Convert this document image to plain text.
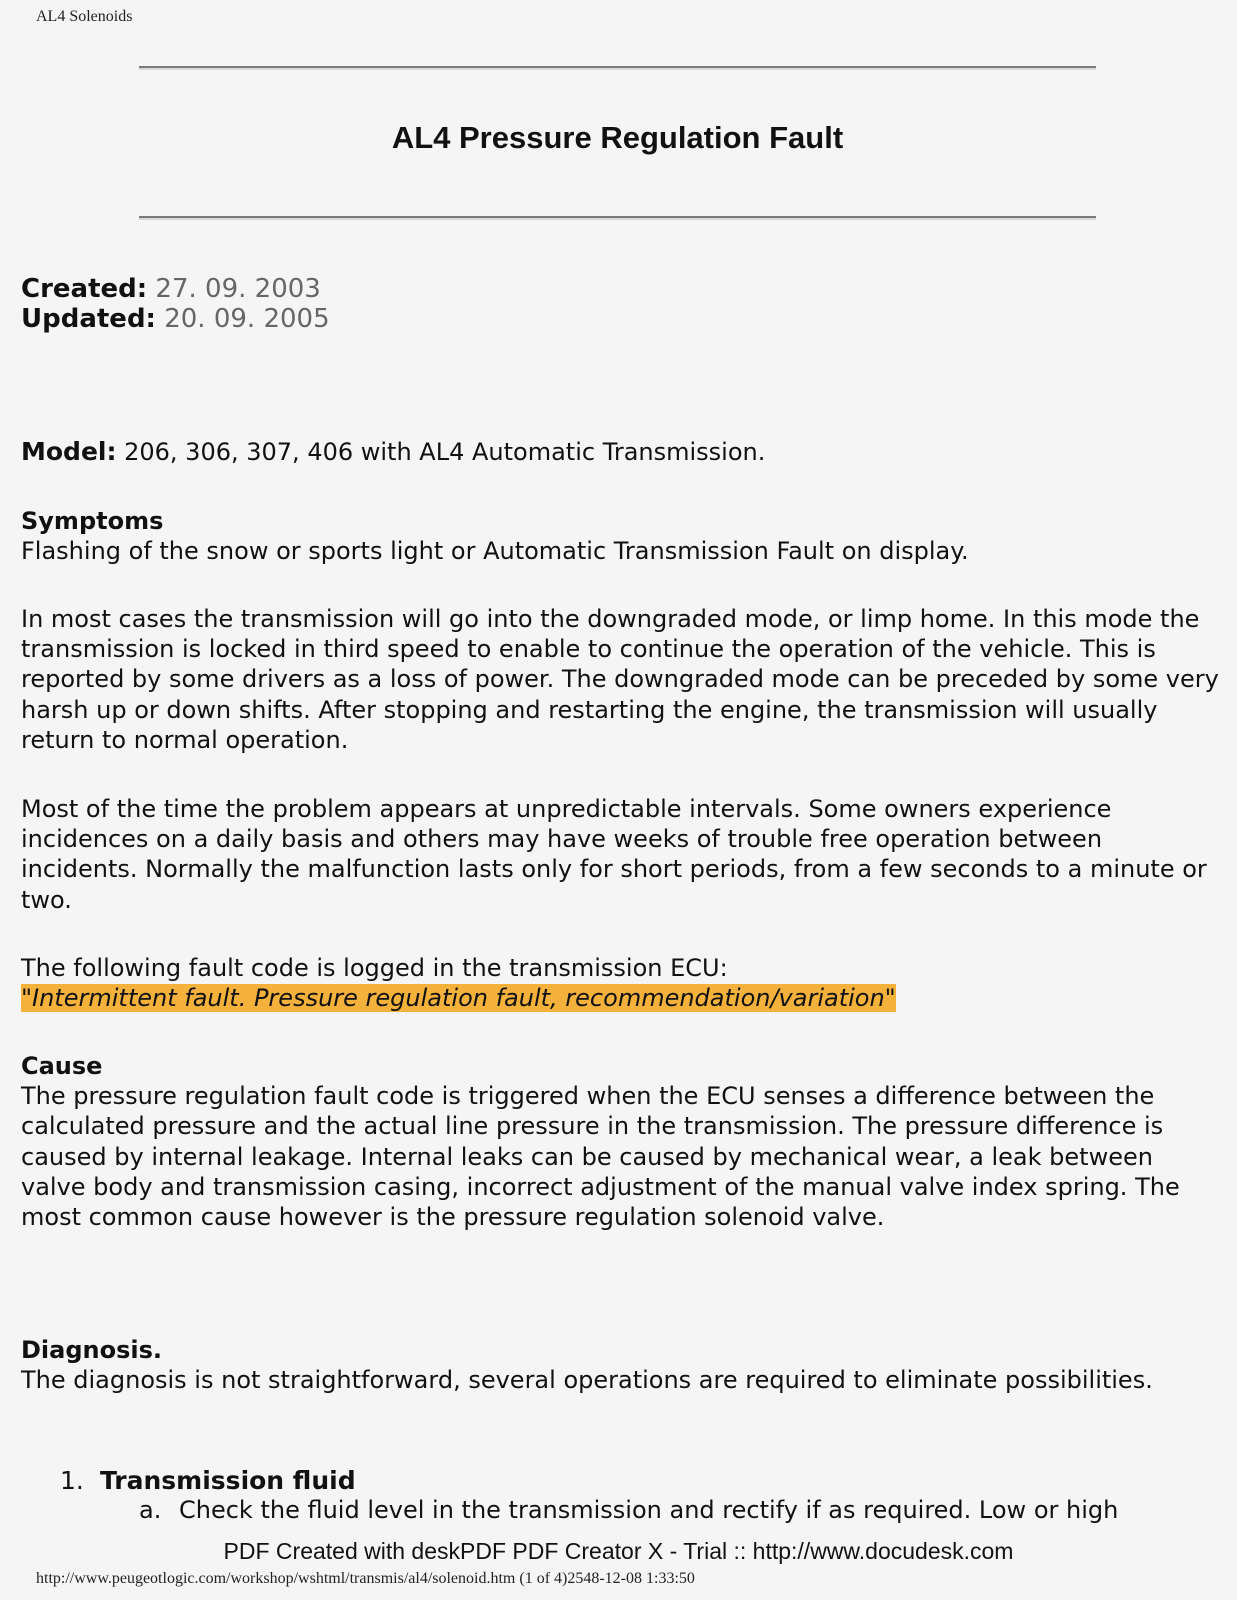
AL4 Solenoids
AL4 Pressure Regulation Fault
Created: 27. 09. 2003
Updated: 20. 09. 2005
Model: 206, 306, 307, 406 with AL4 Automatic Transmission.
Symptoms
Flashing of the snow or sports light or Automatic Transmission Fault on display.
In most cases the transmission will go into the downgraded mode, or limp home. In this mode the transmission is locked in third speed to enable to continue the operation of the vehicle. This is reported by some drivers as a loss of power. The downgraded mode can be preceded by some very harsh up or down shifts. After stopping and restarting the engine, the transmission will usually return to normal operation.
Most of the time the problem appears at unpredictable intervals. Some owners experience incidences on a daily basis and others may have weeks of trouble free operation between incidents. Normally the malfunction lasts only for short periods, from a few seconds to a minute or two.
The following fault code is logged in the transmission ECU:
"Intermittent fault. Pressure regulation fault, recommendation/variation"
Cause
The pressure regulation fault code is triggered when the ECU senses a difference between the calculated pressure and the actual line pressure in the transmission. The pressure difference is caused by internal leakage. Internal leaks can be caused by mechanical wear, a leak between valve body and transmission casing, incorrect adjustment of the manual valve index spring. The most common cause however is the pressure regulation solenoid valve.
Diagnosis.
The diagnosis is not straightforward, several operations are required to eliminate possibilities.
1. Transmission fluid
a. Check the fluid level in the transmission and rectify if as required. Low or high
PDF Created with deskPDF PDF Creator X - Trial :: http://www.docudesk.com
http://www.peugeotlogic.com/workshop/wshtml/transmis/al4/solenoid.htm (1 of 4)2548-12-08 1:33:50
